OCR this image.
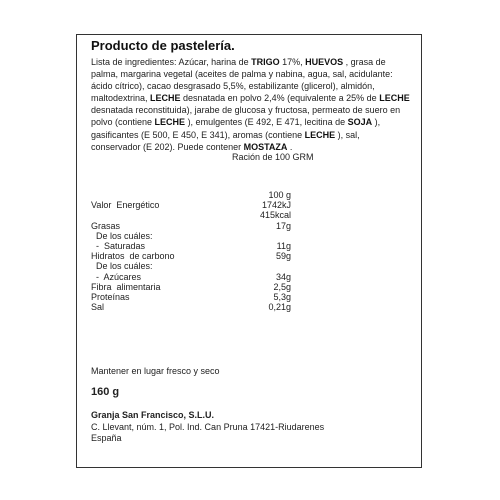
Producto de pastelería.
Lista de ingredientes: Azúcar, harina de TRIGO 17%, HUEVOS , grasa de palma, margarina vegetal (aceites de palma y nabina, agua, sal, acidulante: ácido cítrico), cacao desgrasado 5,5%, estabilizante (glicerol), almidón, maltodextrina, LECHE desnatada en polvo 2,4% (equivalente a 25% de LECHE desnatada reconstituida), jarabe de glucosa y fructosa, permeato de suero en polvo (contiene LECHE ), emulgentes (E 492, E 471, lecitina de SOJA ), gasificantes (E 500, E 450, E 341), aromas (contiene LECHE ), sal, conservador (E 202). Puede contener MOSTAZA .
Ración de 100 GRM
100 g
Valor  Energético	1742kJ
415kcal
Grasas	17g
De los cuáles:
-  Saturadas	11g
Hidratos  de carbono	59g
De los cuáles:
-  Azúcares	34g
Fibra  alimentaria	2,5g
Proteínas	5,3g
Sal	0,21g
Mantener en lugar fresco y seco
160 g
Granja San Francisco, S.L.U.
C. Llevant, núm. 1, Pol. Ind. Can Pruna 17421-Riudarenes
España
